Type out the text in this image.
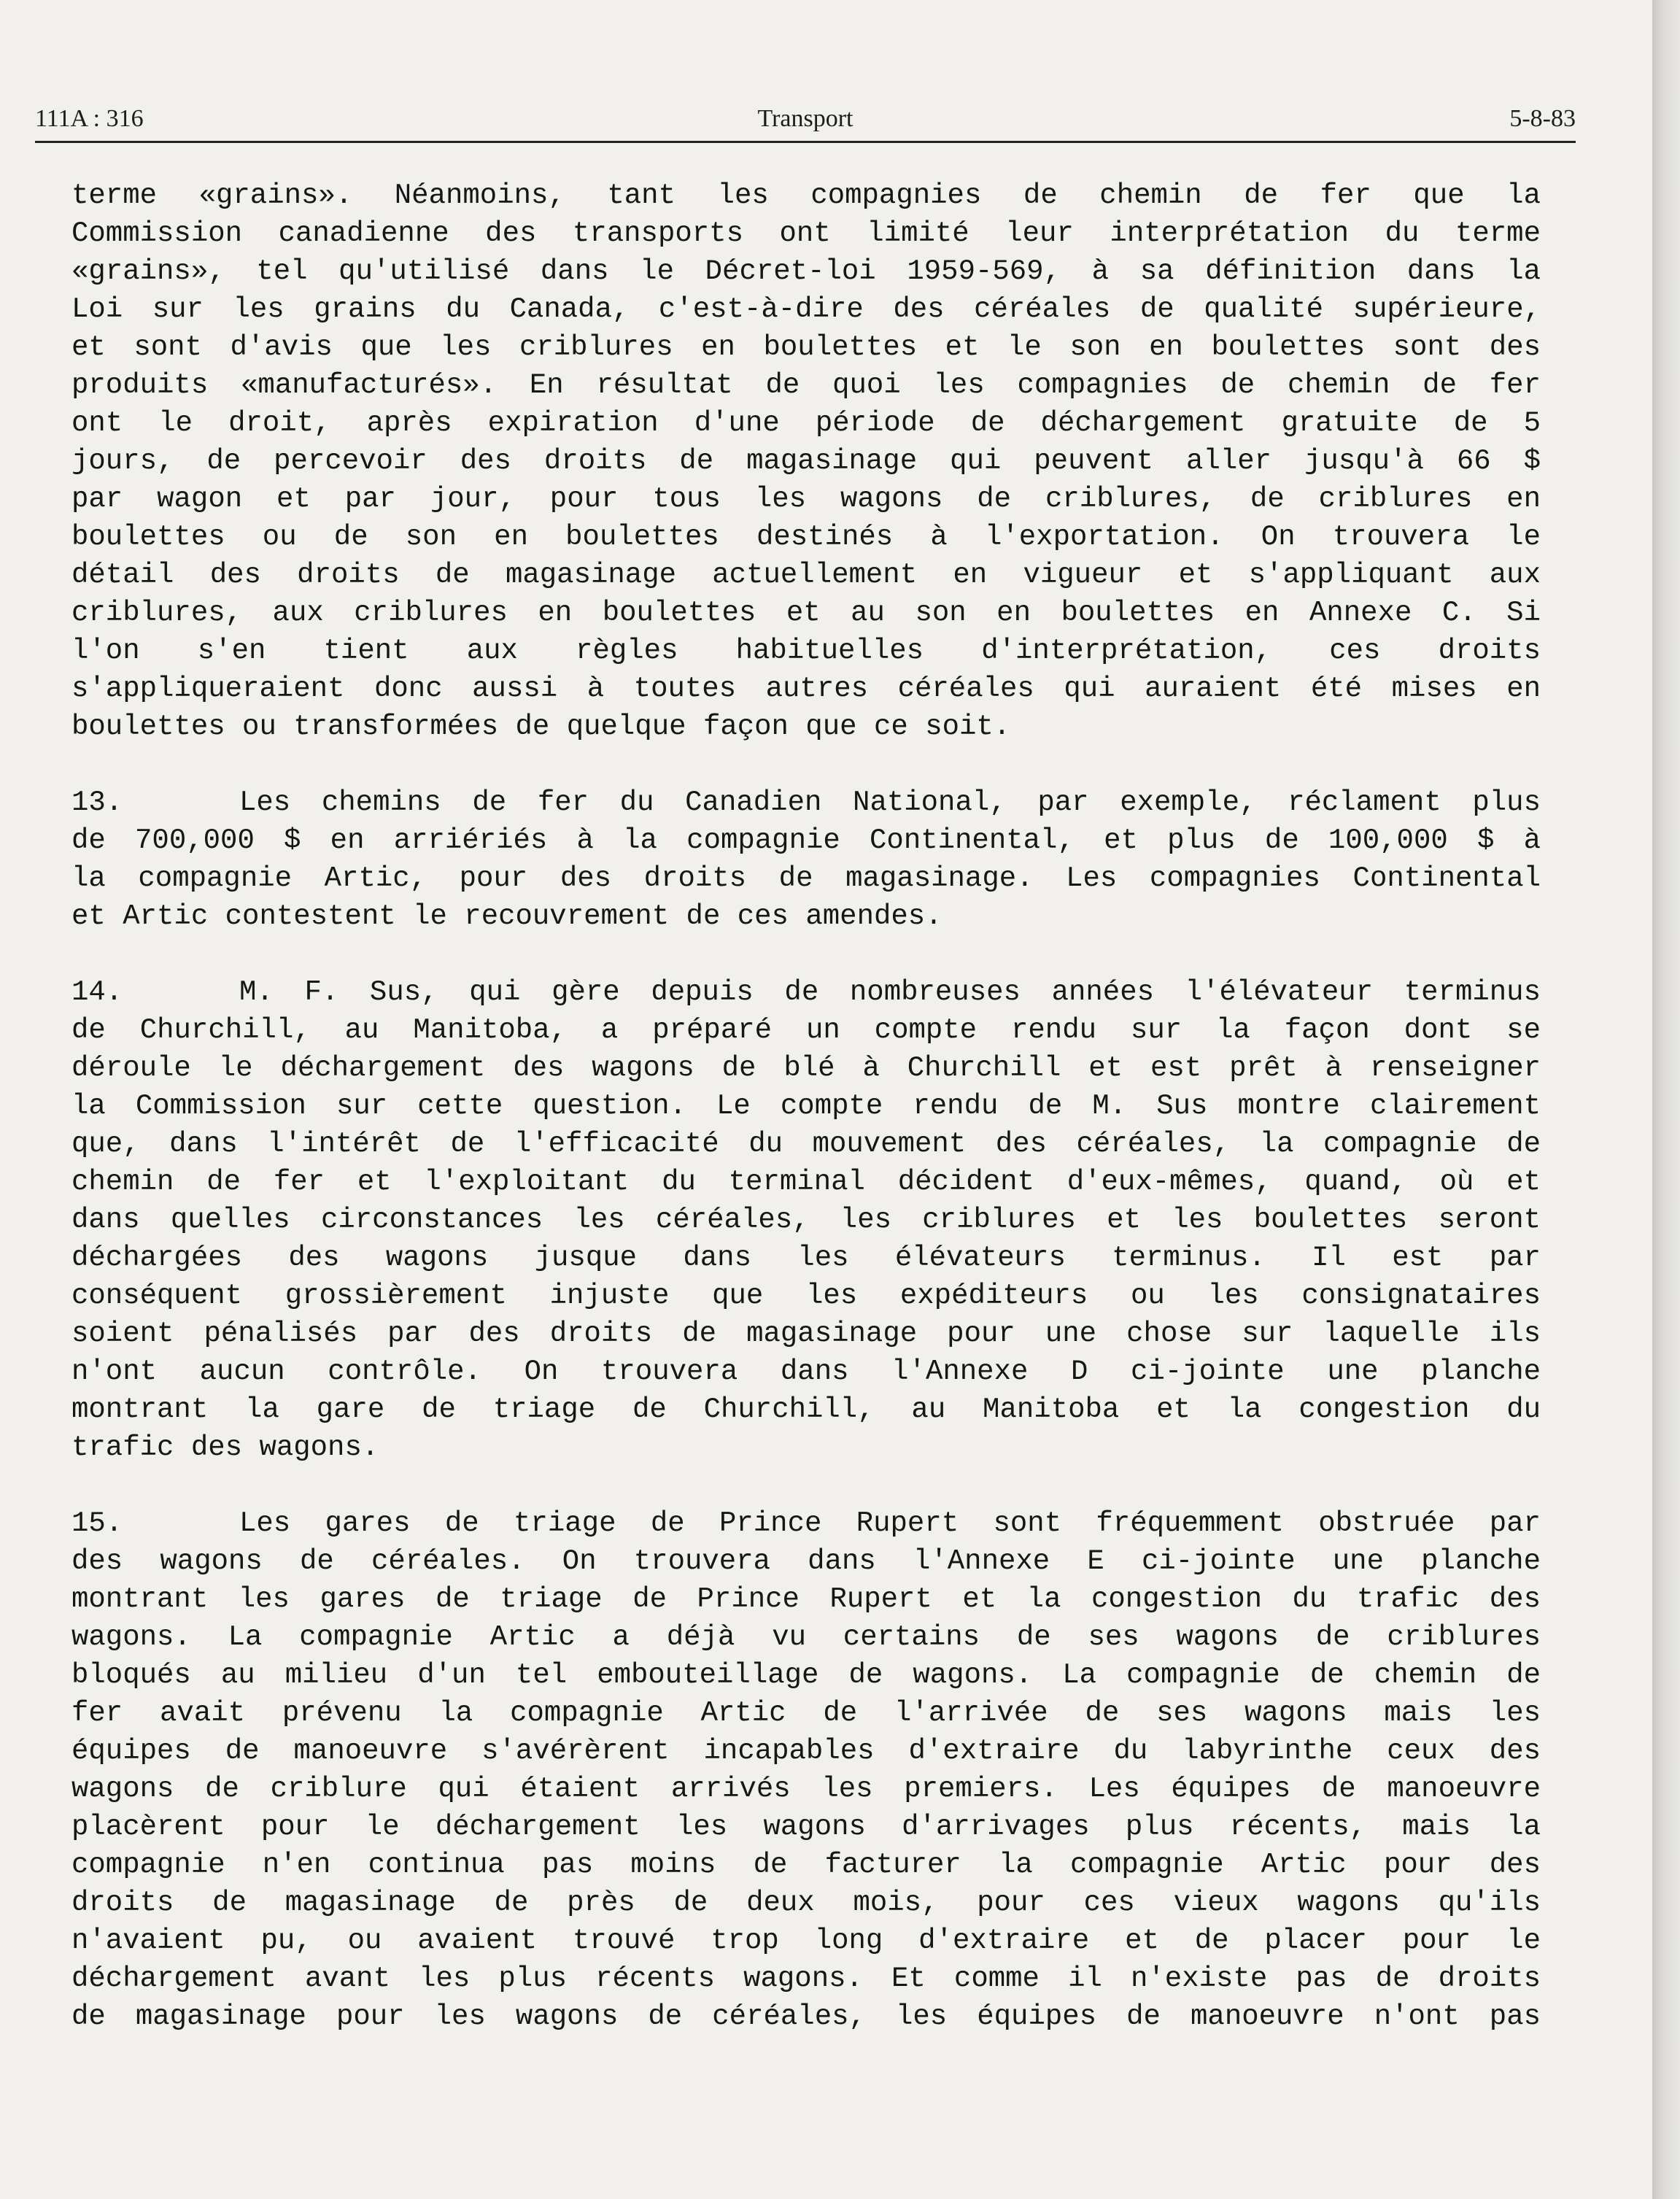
111A : 316	Transport	5-8-83
terme «grains». Néanmoins, tant les compagnies de chemin de fer que la
Commission canadienne des transports ont limité leur interprétation du terme
«grains», tel qu'utilisé dans le Décret-loi 1959-569, à sa définition dans la
Loi sur les grains du Canada, c'est-à-dire des céréales de qualité supérieure,
et sont d'avis que les criblures en boulettes et le son en boulettes sont des
produits «manufacturés». En résultat de quoi les compagnies de chemin de fer
ont le droit, après expiration d'une période de déchargement gratuite de 5
jours, de percevoir des droits de magasinage qui peuvent aller jusqu'à 66 $
par wagon et par jour, pour tous les wagons de criblures, de criblures en
boulettes ou de son en boulettes destinés à l'exportation. On trouvera le
détail des droits de magasinage actuellement en vigueur et s'appliquant aux
criblures, aux criblures en boulettes et au son en boulettes en Annexe C. Si
l'on s'en tient aux règles habituelles d'interprétation, ces droits
s'appliqueraient donc aussi à toutes autres céréales qui auraient été mises en
boulettes ou transformées de quelque façon que ce soit.
13.	Les chemins de fer du Canadien National, par exemple, réclament plus
de 700,000 $ en arriériés à la compagnie Continental, et plus de 100,000 $ à
la compagnie Artic, pour des droits de magasinage. Les compagnies Continental
et Artic contestent le recouvrement de ces amendes.
14.	M. F. Sus, qui gère depuis de nombreuses années l'élévateur terminus
de Churchill, au Manitoba, a préparé un compte rendu sur la façon dont se
déroule le déchargement des wagons de blé à Churchill et est prêt à renseigner
la Commission sur cette question. Le compte rendu de M. Sus montre clairement
que, dans l'intérêt de l'efficacité du mouvement des céréales, la compagnie de
chemin de fer et l'exploitant du terminal décident d'eux-mêmes, quand, où et
dans quelles circonstances les céréales, les criblures et les boulettes seront
déchargées des wagons jusque dans les élévateurs terminus. Il est par
conséquent grossièrement injuste que les expéditeurs ou les consignataires
soient pénalisés par des droits de magasinage pour une chose sur laquelle ils
n'ont aucun contrôle. On trouvera dans l'Annexe D ci-jointe une planche
montrant la gare de triage de Churchill, au Manitoba et la congestion du
trafic des wagons.
15.	Les gares de triage de Prince Rupert sont fréquemment obstruée par
des wagons de céréales. On trouvera dans l'Annexe E ci-jointe une planche
montrant les gares de triage de Prince Rupert et la congestion du trafic des
wagons. La compagnie Artic a déjà vu certains de ses wagons de criblures
bloqués au milieu d'un tel embouteillage de wagons. La compagnie de chemin de
fer avait prévenu la compagnie Artic de l'arrivée de ses wagons mais les
équipes de manoeuvre s'avérèrent incapables d'extraire du labyrinthe ceux des
wagons de criblure qui étaient arrivés les premiers. Les équipes de manoeuvre
placèrent pour le déchargement les wagons d'arrivages plus récents, mais la
compagnie n'en continua pas moins de facturer la compagnie Artic pour des
droits de magasinage de près de deux mois, pour ces vieux wagons qu'ils
n'avaient pu, ou avaient trouvé trop long d'extraire et de placer pour le
déchargement avant les plus récents wagons. Et comme il n'existe pas de droits
de magasinage pour les wagons de céréales, les équipes de manoeuvre n'ont pas
